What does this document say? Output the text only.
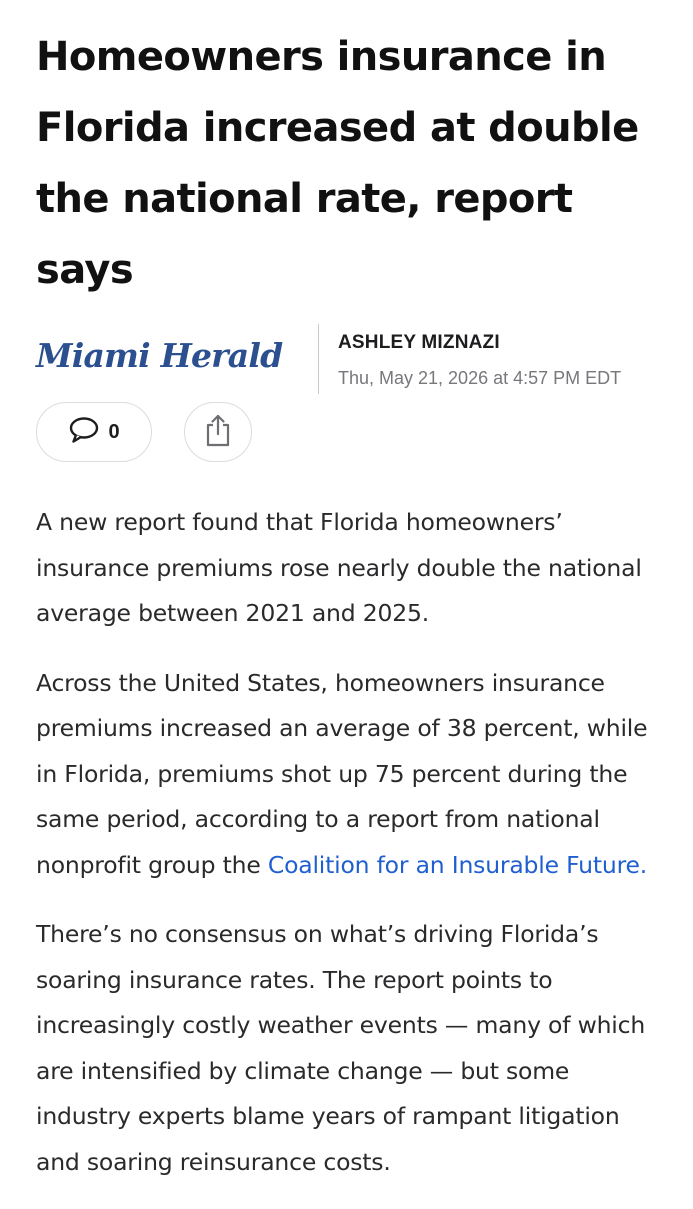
Homeowners insurance in Florida increased at double the national rate, report says
Miami Herald	ASHLEY MIZNAZI
Thu, May 21, 2026 at 4:57 PM EDT
0

A new report found that Florida homeowners’ insurance premiums rose nearly double the national average between 2021 and 2025.

Across the United States, homeowners insurance premiums increased an average of 38 percent, while in Florida, premiums shot up 75 percent during the same period, according to a report from national nonprofit group the Coalition for an Insurable Future.

There’s no consensus on what’s driving Florida’s soaring insurance rates. The report points to increasingly costly weather events — many of which are intensified by climate change — but some industry experts blame years of rampant litigation and soaring reinsurance costs.
